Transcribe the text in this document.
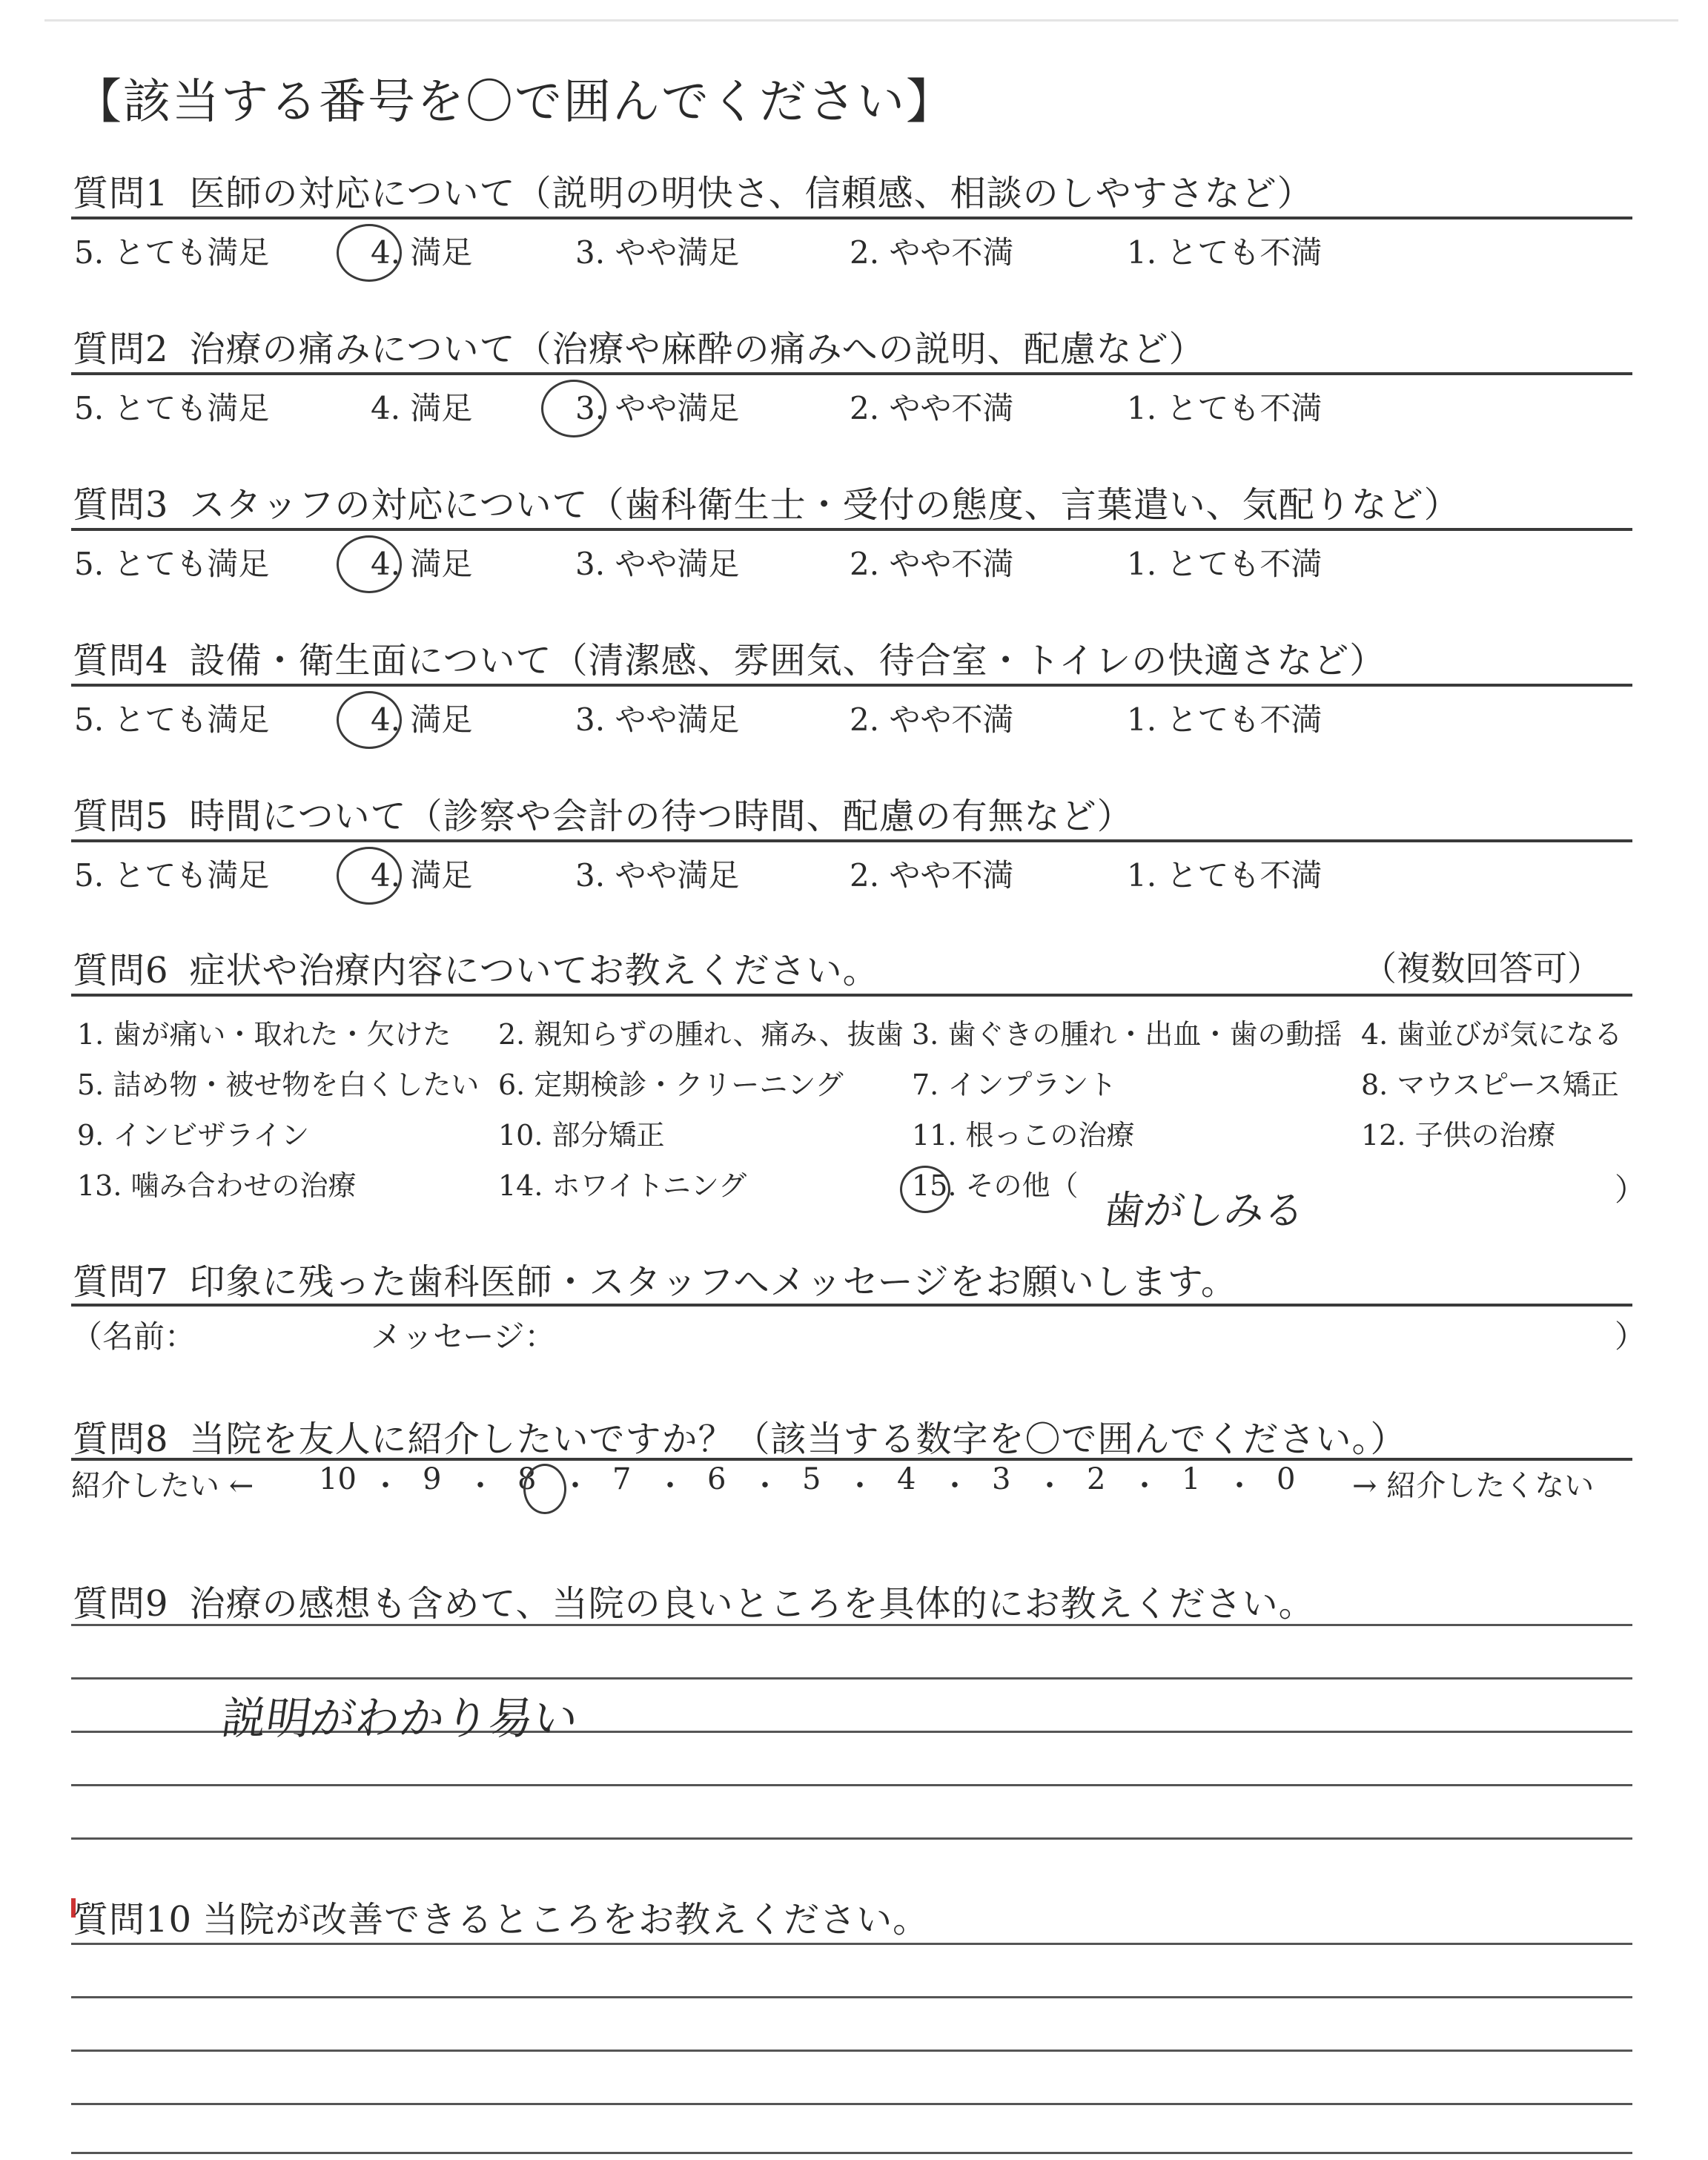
【該当する番号を〇で囲んでください】
質問1 医師の対応について（説明の明快さ、信頼感、相談のしやすさなど）
5. とても満足	4. 満足	3. やや満足	2. やや不満	1. とても不満
質問2 治療の痛みについて（治療や麻酔の痛みへの説明、配慮など）
5. とても満足	4. 満足	3. やや満足	2. やや不満	1. とても不満
質問3 スタッフの対応について（歯科衛生士・受付の態度、言葉遣い、気配りなど）
5. とても満足	4. 満足	3. やや満足	2. やや不満	1. とても不満
質問4 設備・衛生面について（清潔感、雰囲気、待合室・トイレの快適さなど）
5. とても満足	4. 満足	3. やや満足	2. やや不満	1. とても不満
質問5 時間について（診察や会計の待つ時間、配慮の有無など）
5. とても満足	4. 満足	3. やや満足	2. やや不満	1. とても不満
質問6 症状や治療内容についてお教えください。	（複数回答可）
1. 歯が痛い・取れた・欠けた 2. 親知らずの腫れ、痛み、抜歯 3. 歯ぐきの腫れ・出血・歯の動揺 4. 歯並びが気になる
5. 詰め物・被せ物を白くしたい 6. 定期検診・クリーニング 7. インプラント	8. マウスピース矯正
9. インビザライン	10. 部分矯正	11. 根っこの治療	12. 子供の治療
13. 噛み合わせの治療	14. ホワイトニング	15. その他（
歯がしみる	）
質問7 印象に残った歯科医師・スタッフへメッセージをお願いします。
（名前：	メッセージ：	）
質問8 当院を友人に紹介したいですか？（該当する数字を〇で囲んでください。）
紹介したい ←	→ 紹介したくない
10 ・ 9 ・ 8 ・ 7 ・ 6 ・ 5 ・ 4 ・ 3 ・ 2 ・ 1 ・ 0
質問9 治療の感想も含めて、当院の良いところを具体的にお教えください。
説明がわかり易い
質問10 当院が改善できるところをお教えください。
